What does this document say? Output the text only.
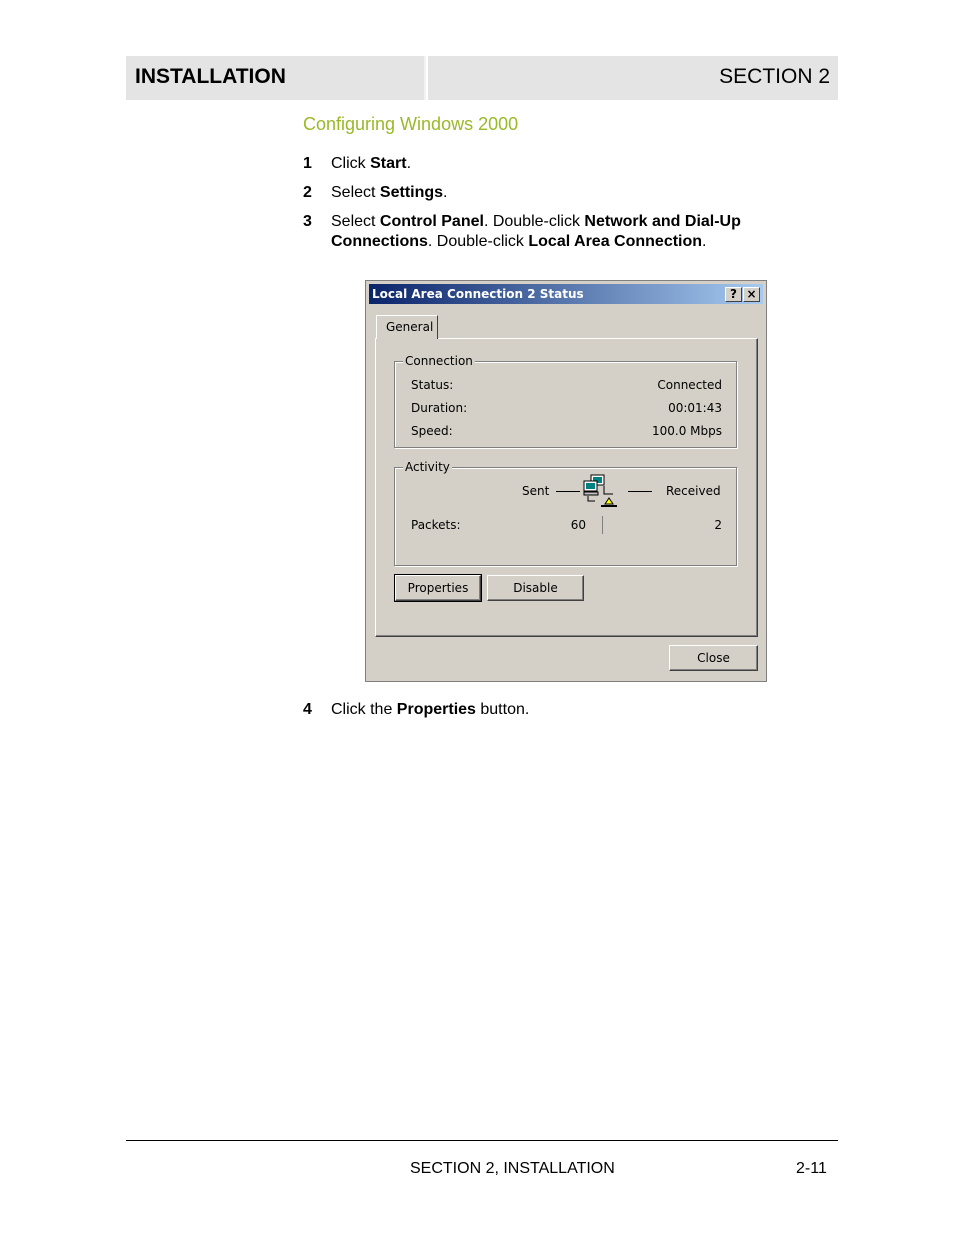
INSTALLATION	SECTION 2
Configuring Windows 2000
1	Click Start.
2	Select Settings.
3	Select Control Panel. Double-click Network and Dial-Up Connections. Double-click Local Area Connection.
Local Area Connection 2 Status	? ×
General
Connection
Status:	Connected
Duration:	00:01:43
Speed:	100.0 Mbps
Activity
Sent	Received
Packets:	60	2
Properties	Disable
Close
4	Click the Properties button.
SECTION 2, INSTALLATION	2-11
